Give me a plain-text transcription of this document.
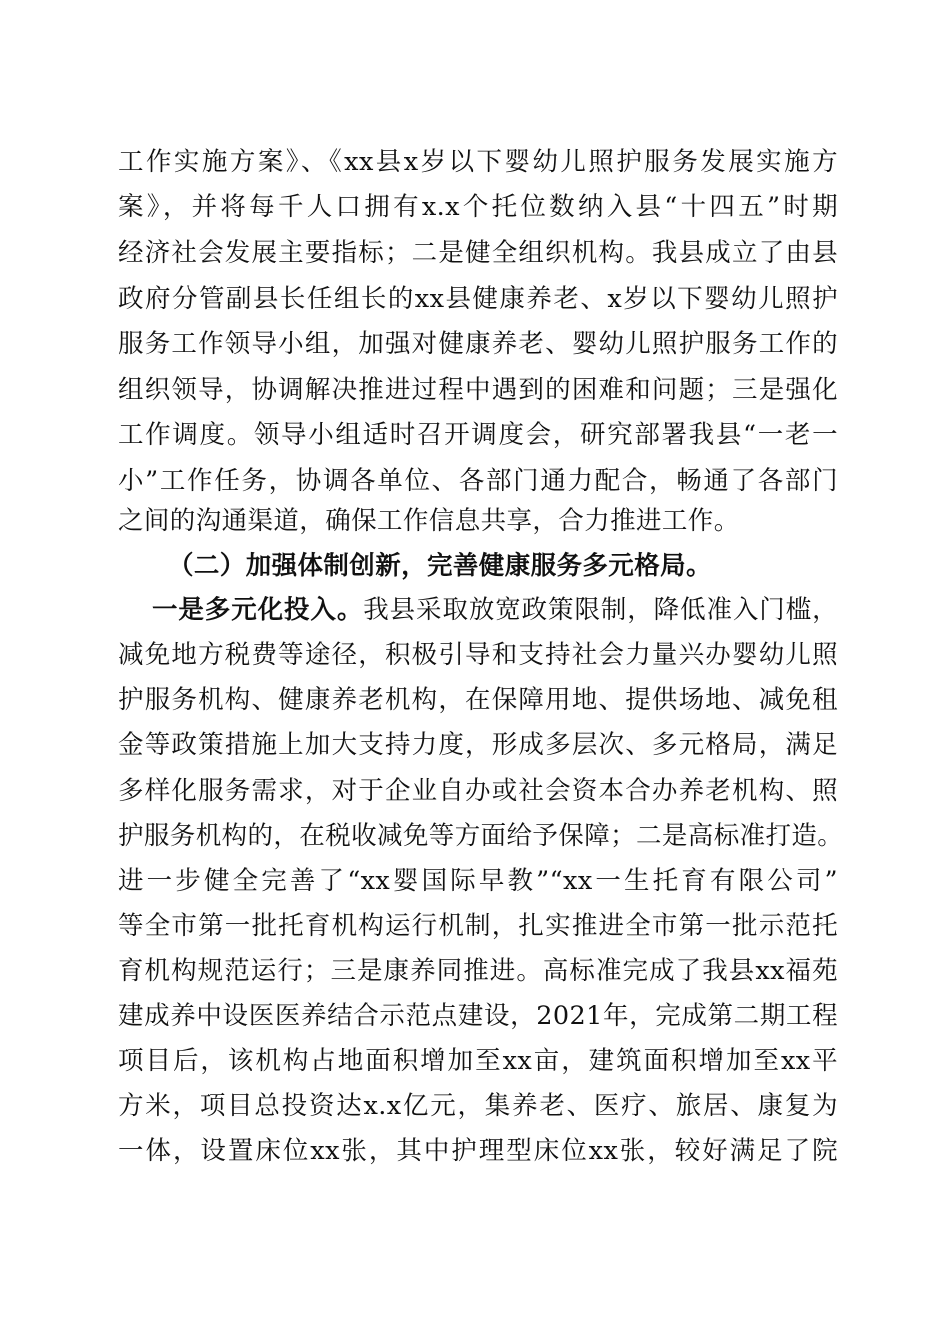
工作实施方案》、《xx县x岁以下婴幼儿照护服务发展实施方
案》，并将每千人口拥有x.x个托位数纳入县“十四五”时期
经济社会发展主要指标；二是健全组织机构。我县成立了由县
政府分管副县长任组长的xx县健康养老、x岁以下婴幼儿照护
服务工作领导小组，加强对健康养老、婴幼儿照护服务工作的
组织领导，协调解决推进过程中遇到的困难和问题；三是强化
工作调度。领导小组适时召开调度会，研究部署我县“一老一
小”工作任务，协调各单位、各部门通力配合，畅通了各部门
之间的沟通渠道，确保工作信息共享，合力推进工作。
（二）加强体制创新，完善健康服务多元格局。
一是多元化投入。我县采取放宽政策限制，降低准入门槛，
减免地方税费等途径，积极引导和支持社会力量兴办婴幼儿照
护服务机构、健康养老机构，在保障用地、提供场地、减免租
金等政策措施上加大支持力度，形成多层次、多元格局，满足
多样化服务需求，对于企业自办或社会资本合办养老机构、照
护服务机构的，在税收减免等方面给予保障；二是高标准打造。
进一步健全完善了“xx婴国际早教”“xx一生托育有限公司”
等全市第一批托育机构运行机制，扎实推进全市第一批示范托
育机构规范运行；三是康养同推进。高标准完成了我县xx福苑
建成养中设医医养结合示范点建设，2021年，完成第二期工程
项目后，该机构占地面积增加至xx亩，建筑面积增加至xx平
方米，项目总投资达x.x亿元，集养老、医疗、旅居、康复为
一体，设置床位xx张，其中护理型床位xx张，较好满足了院
